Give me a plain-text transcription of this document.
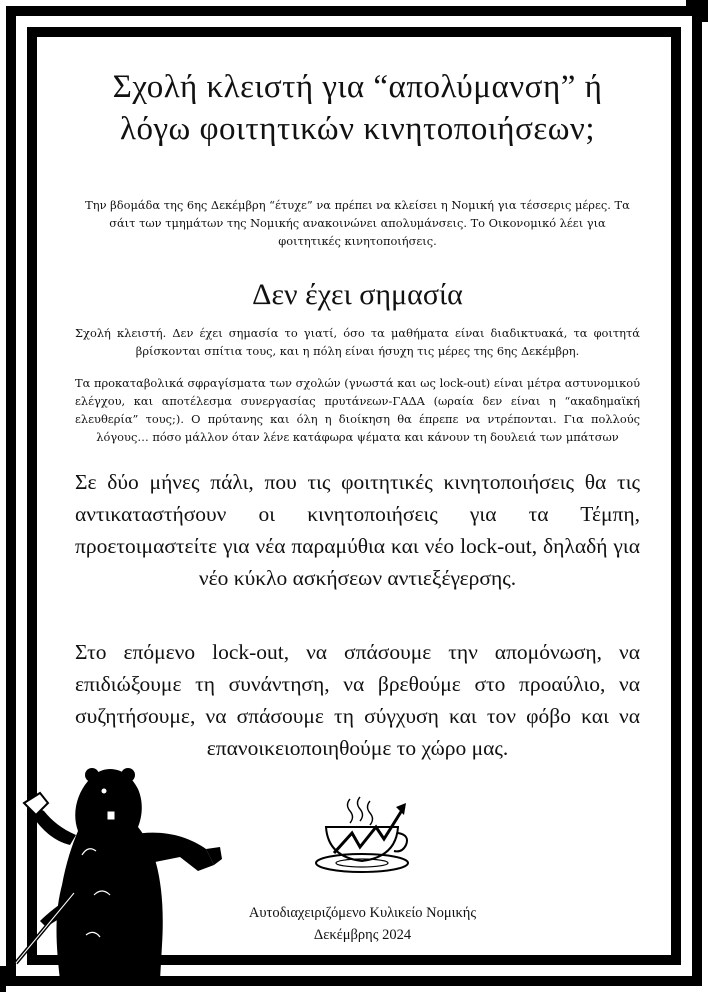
Σχολή κλειστή για “απολύμανση” ή
λόγω φοιτητικών κινητοποιήσεων;

Την βδομάδα της 6ης Δεκέμβρη “έτυχε” να πρέπει να κλείσει η Νομική για τέσσερις μέρες. Τα σάιτ των τμημάτων της Νομικής ανακοινώνει απολυμάνσεις. Το Οικονομικό λέει για φοιτητικές κινητοποιήσεις.

Δεν έχει σημασία

Σχολή κλειστή. Δεν έχει σημασία το γιατί, όσο τα μαθήματα είναι διαδικτυακά, τα φοιτητά βρίσκονται σπίτια τους, και η πόλη είναι ήσυχη τις μέρες της 6ης Δεκέμβρη.

Τα προκαταβολικά σφραγίσματα των σχολών (γνωστά και ως lock-out) είναι μέτρα αστυνομικού ελέγχου, και αποτέλεσμα συνεργασίας πρυτάνεων-ΓΑΔΑ (ωραία δεν είναι η “ακαδημαϊκή ελευθερία” τους;). Ο πρύτανης και όλη η διοίκηση θα έπρεπε να ντρέπονται. Για πολλούς λόγους… πόσο μάλλον όταν λένε κατάφωρα ψέματα και κάνουν τη δουλειά των μπάτσων

Σε δύο μήνες πάλι, που τις φοιτητικές κινητοποιήσεις θα τις αντικαταστήσουν οι κινητοποιήσεις για τα Τέμπη, προετοιμαστείτε για νέα παραμύθια και νέο lock-out, δηλαδή για νέο κύκλο ασκήσεων αντιεξέγερσης.

Στο επόμενο lock-out, να σπάσουμε την απομόνωση, να επιδιώξουμε τη συνάντηση, να βρεθούμε στο προαύλιο, να συζητήσουμε, να σπάσουμε τη σύγχυση και τον φόβο και να επανοικειοποιηθούμε το χώρο μας.

Αυτοδιαχειριζόμενο Κυλικείο Νομικής
Δεκέμβρης 2024
